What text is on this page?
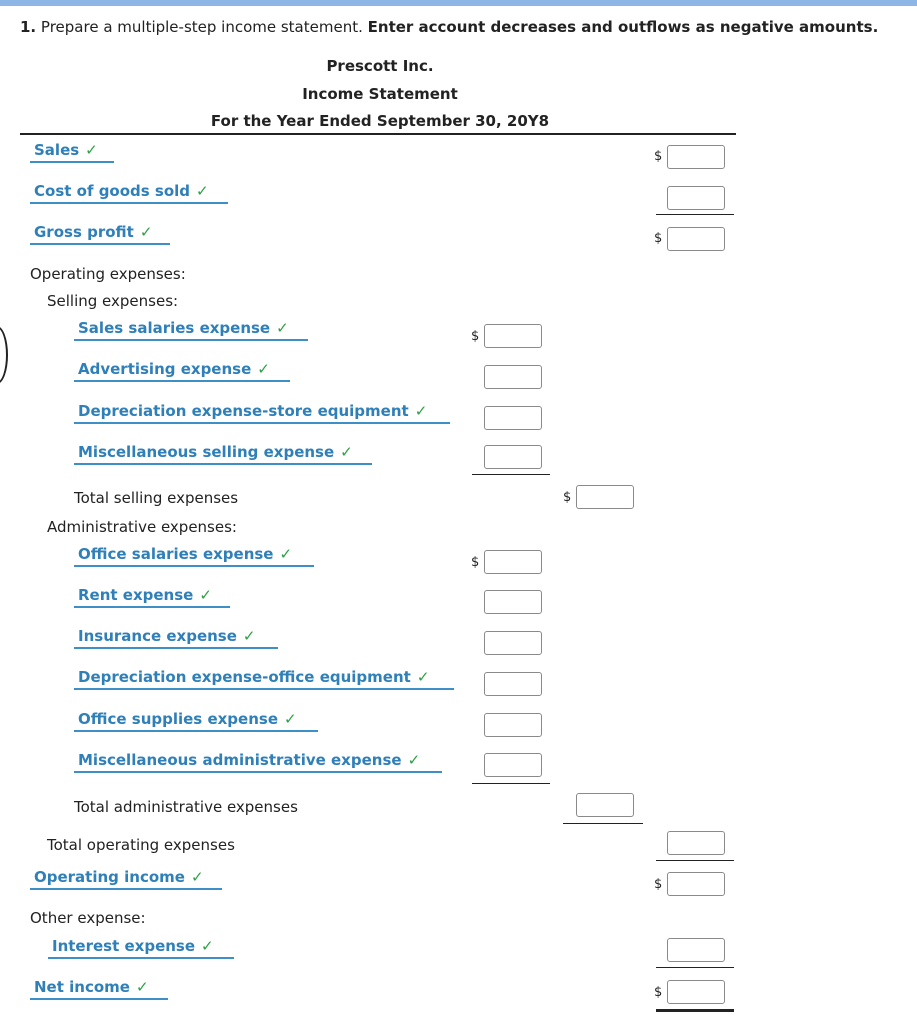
1. Prepare a multiple-step income statement. Enter account decreases and outflows as negative amounts.
Prescott Inc.
Income Statement
For the Year Ended September 30, 20Y8
Sales ✓	$
Cost of goods sold ✓
Gross profit ✓	$
Operating expenses:
Selling expenses:
Sales salaries expense ✓	$
Advertising expense ✓
Depreciation expense-store equipment ✓
Miscellaneous selling expense ✓
Total selling expenses	$
Administrative expenses:
Office salaries expense ✓	$
Rent expense ✓
Insurance expense ✓
Depreciation expense-office equipment ✓
Office supplies expense ✓
Miscellaneous administrative expense ✓
Total administrative expenses
Total operating expenses
Operating income ✓	$
Other expense:
Interest expense ✓
Net income ✓	$
